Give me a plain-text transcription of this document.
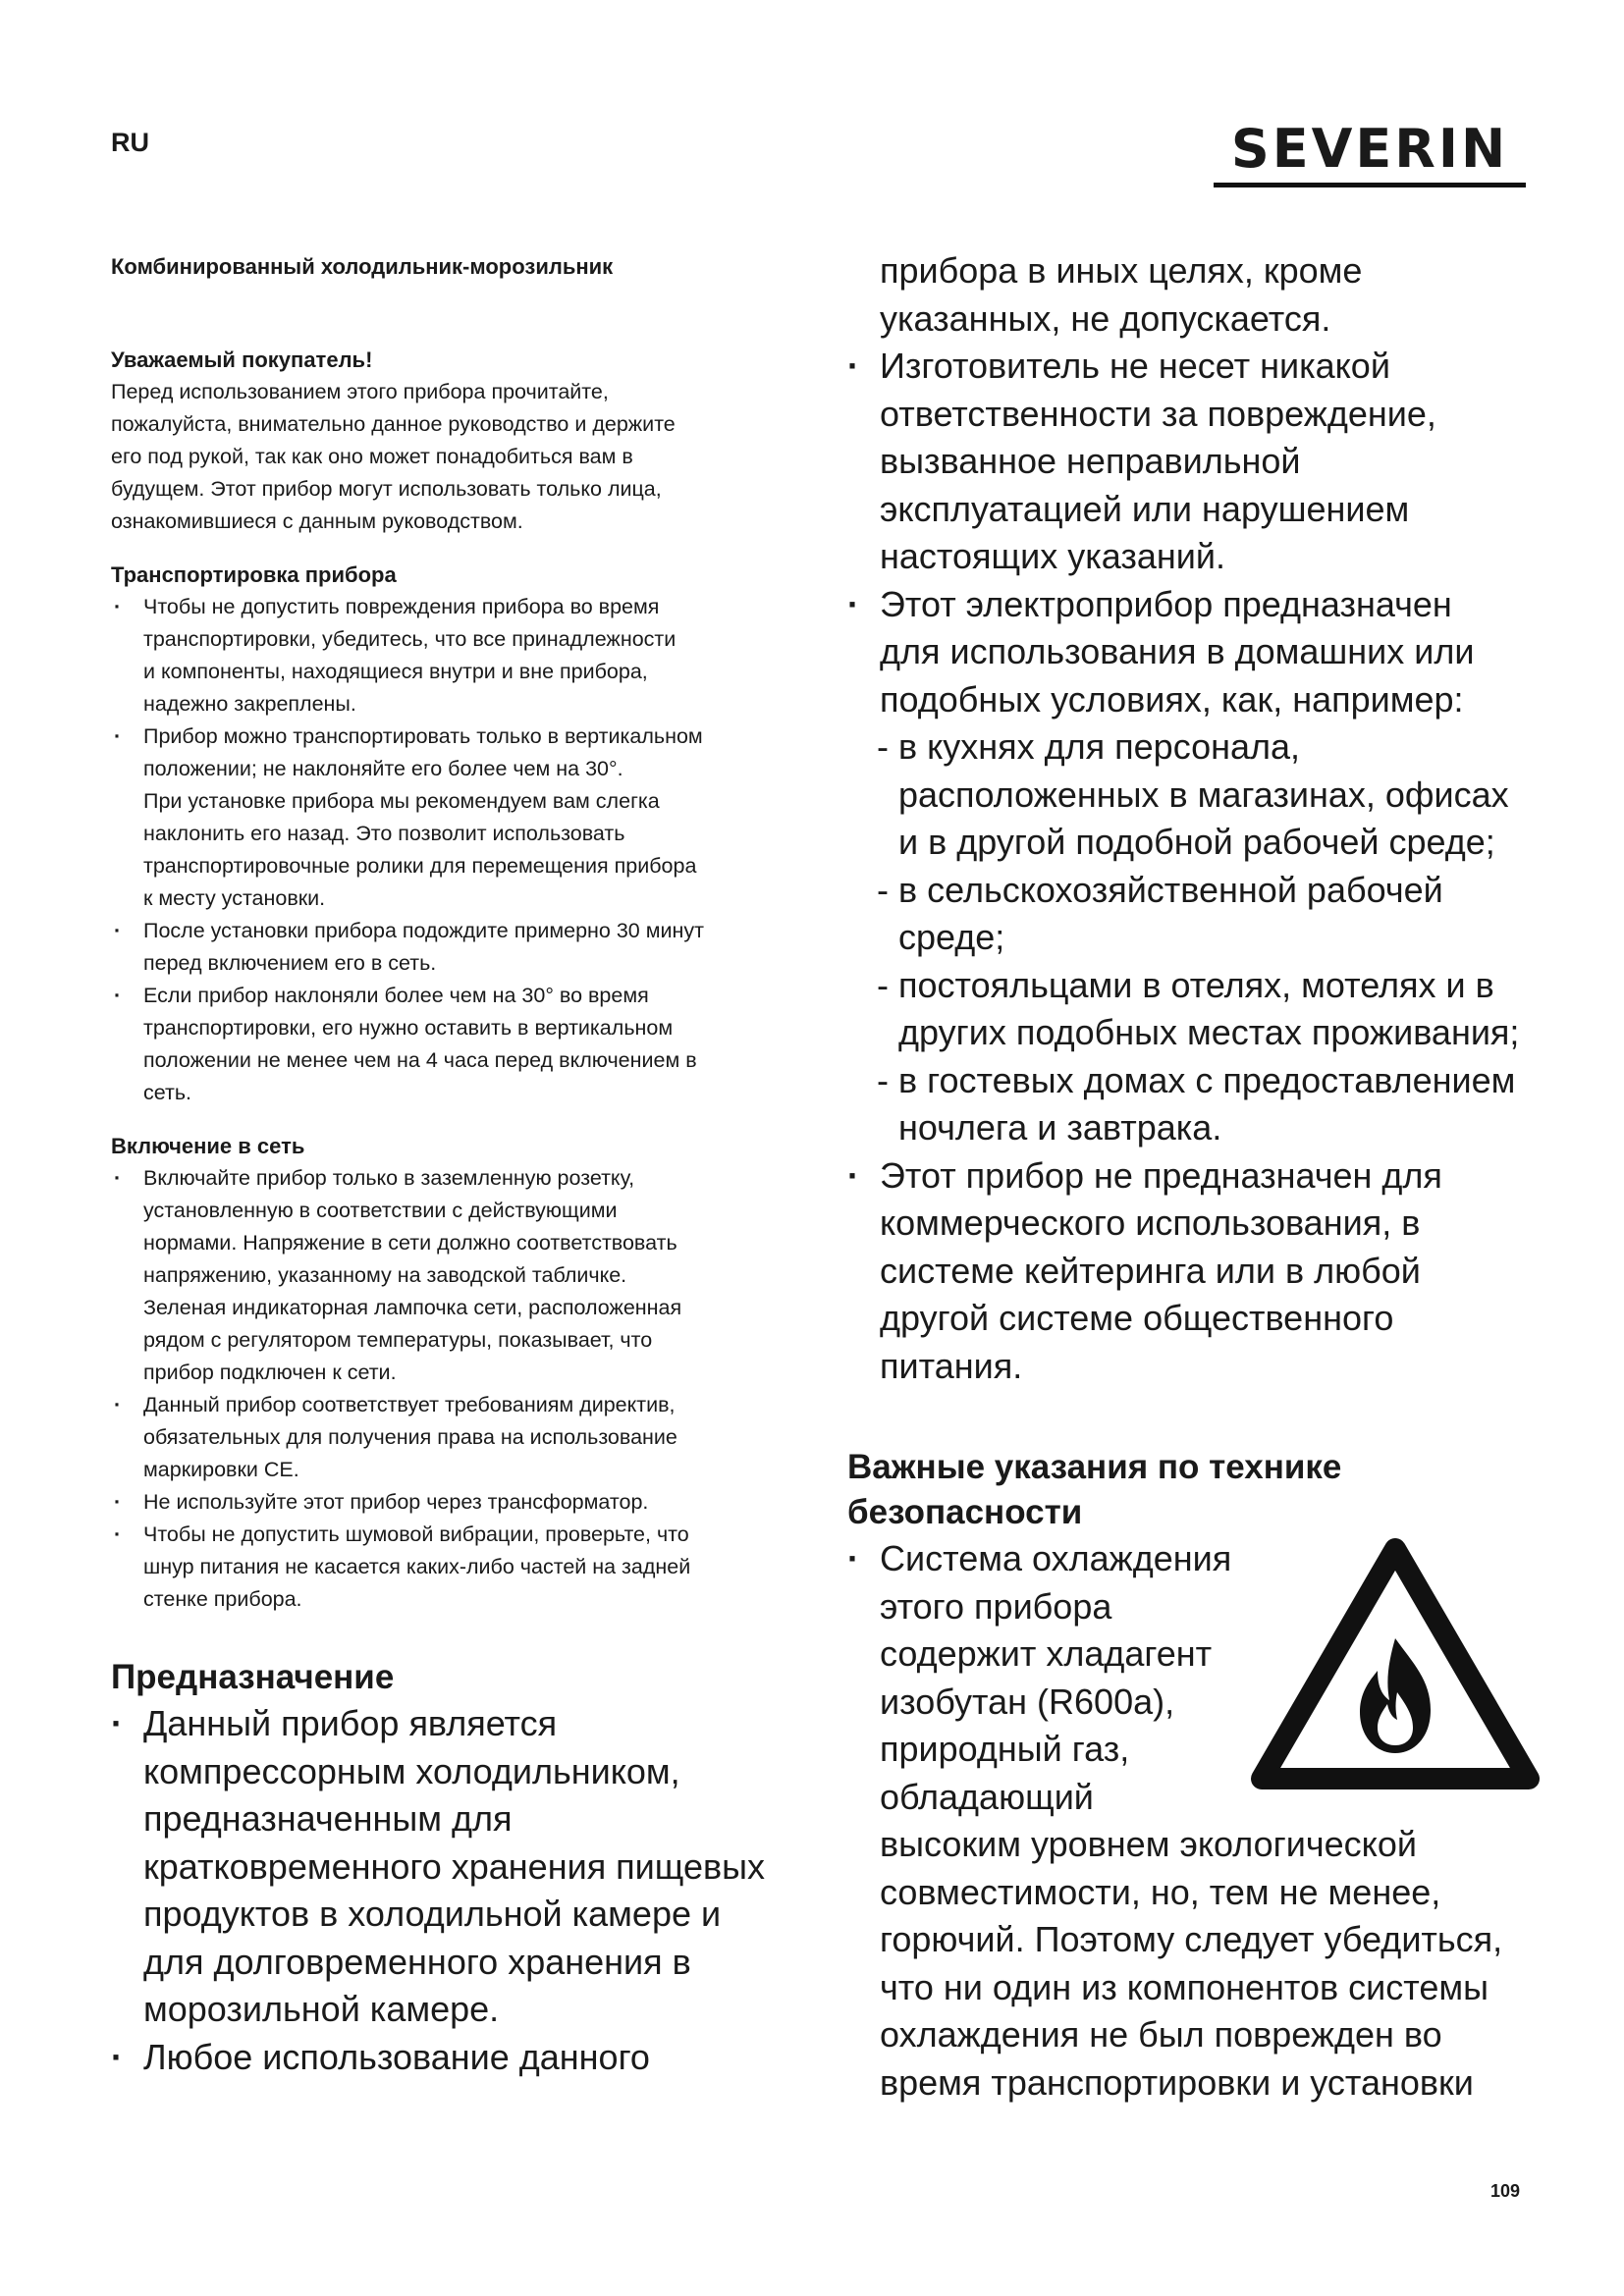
RU	SEVERIN
Комбинированный холодильник-морозильник
Уважаемый покупатель!
Перед использованием этого прибора прочитайте,
пожалуйста, внимательно данное руководство и держите
его под рукой, так как оно может понадобиться вам в
будущем. Этот прибор могут использовать только лица,
ознакомившиеся с данным руководством.
Транспортировка прибора
· Чтобы не допустить повреждения прибора во время
транспортировки, убедитесь, что все принадлежности
и компоненты, находящиеся внутри и вне прибора,
надежно закреплены.
· Прибор можно транспортировать только в вертикальном
положении; не наклоняйте его более чем на 30°.
При установке прибора мы рекомендуем вам слегка
наклонить его назад. Это позволит использовать
транспортировочные ролики для перемещения прибора
к месту установки.
· После установки прибора подождите примерно 30 минут
перед включением его в сеть.
· Если прибор наклоняли более чем на 30° во время
транспортировки, его нужно оставить в вертикальном
положении не менее чем на 4 часа перед включением в
сеть.
Включение в сеть
· Включайте прибор только в заземленную розетку,
установленную в соответствии с действующими
нормами. Напряжение в сети должно соответствовать
напряжению, указанному на заводской табличке.
Зеленая индикаторная лампочка сети, расположенная
рядом с регулятором температуры, показывает, что
прибор подключен к сети.
· Данный прибор соответствует требованиям директив,
обязательных для получения права на использование
маркировки СЕ.
· Не используйте этот прибор через трансформатор.
· Чтобы не допустить шумовой вибрации, проверьте, что
шнур питания не касается каких-либо частей на задней
стенке прибора.
Предназначение
· Данный прибор является
компрессорным холодильником,
предназначенным для
кратковременного хранения пищевых
продуктов в холодильной камере и
для долговременного хранения в
морозильной камере.
· Любое использование данного
прибора в иных целях, кроме
указанных, не допускается.
· Изготовитель не несет никакой
ответственности за повреждение,
вызванное неправильной
эксплуатацией или нарушением
настоящих указаний.
· Этот электроприбор предназначен
для использования в домашних или
подобных условиях, как, например:
- в кухнях для персонала,
расположенных в магазинах, офисах
и в другой подобной рабочей среде;
- в сельскохозяйственной рабочей
среде;
- постояльцами в отелях, мотелях и в
других подобных местах проживания;
- в гостевых домах с предоставлением
ночлега и завтрака.
· Этот прибор не предназначен для
коммерческого использования, в
системе кейтеринга или в любой
другой системе общественного
питания.
Важные указания по технике
безопасности
· Система охлаждения
этого прибора
содержит хладагент
изобутан (R600a),
природный газ,
обладающий
высоким уровнем экологической
совместимости, но, тем не менее,
горючий. Поэтому следует убедиться,
что ни один из компонентов системы
охлаждения не был поврежден во
время транспортировки и установки
109
